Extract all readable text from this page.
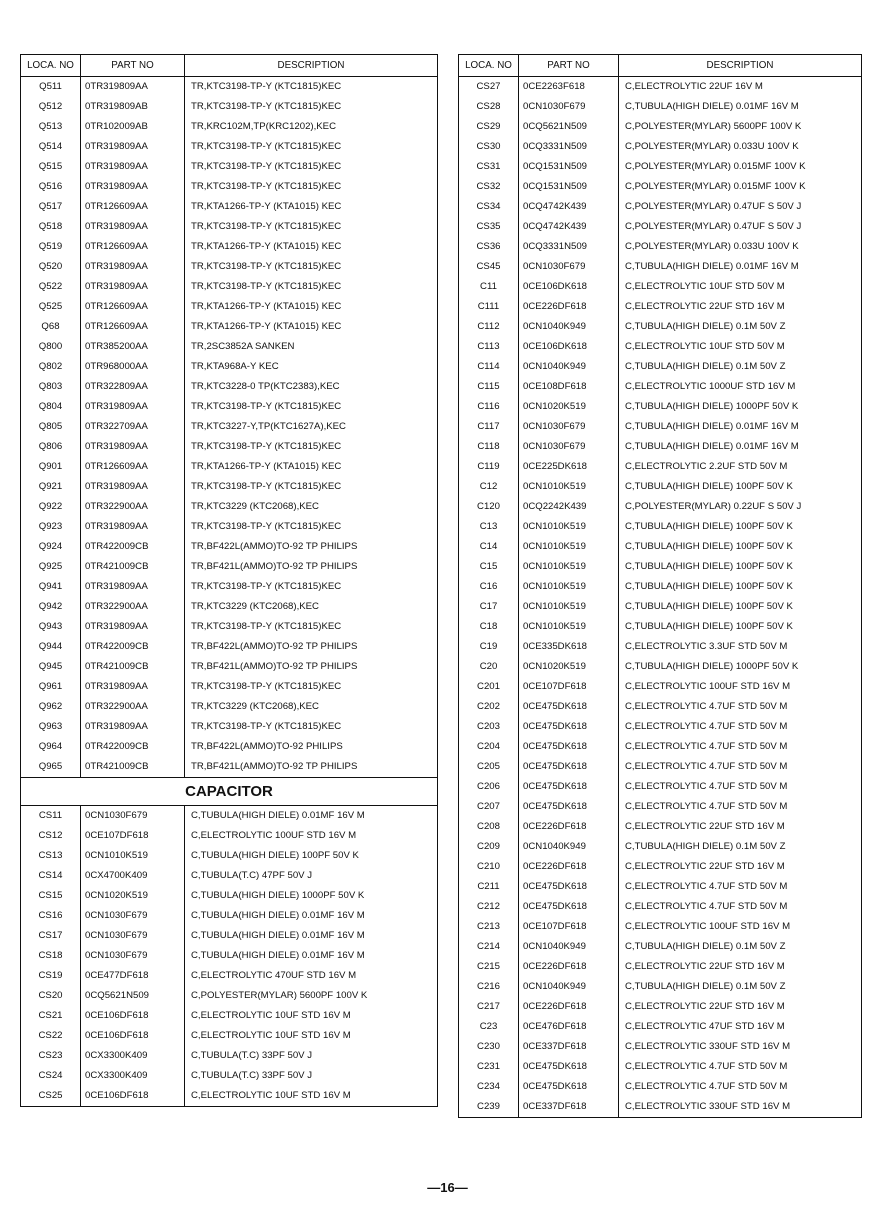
LOCA. NO	PART NO	DESCRIPTION
Q511	0TR319809AA	TR,KTC3198-TP-Y (KTC1815)KEC
Q512	0TR319809AB	TR,KTC3198-TP-Y (KTC1815)KEC
Q513	0TR102009AB	TR,KRC102M,TP(KRC1202),KEC
Q514	0TR319809AA	TR,KTC3198-TP-Y (KTC1815)KEC
Q515	0TR319809AA	TR,KTC3198-TP-Y (KTC1815)KEC
Q516	0TR319809AA	TR,KTC3198-TP-Y (KTC1815)KEC
Q517	0TR126609AA	TR,KTA1266-TP-Y (KTA1015) KEC
Q518	0TR319809AA	TR,KTC3198-TP-Y (KTC1815)KEC
Q519	0TR126609AA	TR,KTA1266-TP-Y (KTA1015) KEC
Q520	0TR319809AA	TR,KTC3198-TP-Y (KTC1815)KEC
Q522	0TR319809AA	TR,KTC3198-TP-Y (KTC1815)KEC
Q525	0TR126609AA	TR,KTA1266-TP-Y (KTA1015) KEC
Q68	0TR126609AA	TR,KTA1266-TP-Y (KTA1015) KEC
Q800	0TR385200AA	TR,2SC3852A SANKEN
Q802	0TR968000AA	TR,KTA968A-Y KEC
Q803	0TR322809AA	TR,KTC3228-0 TP(KTC2383),KEC
Q804	0TR319809AA	TR,KTC3198-TP-Y (KTC1815)KEC
Q805	0TR322709AA	TR,KTC3227-Y,TP(KTC1627A),KEC
Q806	0TR319809AA	TR,KTC3198-TP-Y (KTC1815)KEC
Q901	0TR126609AA	TR,KTA1266-TP-Y (KTA1015) KEC
Q921	0TR319809AA	TR,KTC3198-TP-Y (KTC1815)KEC
Q922	0TR322900AA	TR,KTC3229 (KTC2068),KEC
Q923	0TR319809AA	TR,KTC3198-TP-Y (KTC1815)KEC
Q924	0TR422009CB	TR,BF422L(AMMO)TO-92 TP PHILIPS
Q925	0TR421009CB	TR,BF421L(AMMO)TO-92 TP PHILIPS
Q941	0TR319809AA	TR,KTC3198-TP-Y (KTC1815)KEC
Q942	0TR322900AA	TR,KTC3229 (KTC2068),KEC
Q943	0TR319809AA	TR,KTC3198-TP-Y (KTC1815)KEC
Q944	0TR422009CB	TR,BF422L(AMMO)TO-92 TP PHILIPS
Q945	0TR421009CB	TR,BF421L(AMMO)TO-92 TP PHILIPS
Q961	0TR319809AA	TR,KTC3198-TP-Y (KTC1815)KEC
Q962	0TR322900AA	TR,KTC3229 (KTC2068),KEC
Q963	0TR319809AA	TR,KTC3198-TP-Y (KTC1815)KEC
Q964	0TR422009CB	TR,BF422L(AMMO)TO-92 PHILIPS
Q965	0TR421009CB	TR,BF421L(AMMO)TO-92 TP PHILIPS
CAPACITOR		
CS11	0CN1030F679	C,TUBULA(HIGH DIELE) 0.01MF 16V M
CS12	0CE107DF618	C,ELECTROLYTIC 100UF STD 16V M
CS13	0CN1010K519	C,TUBULA(HIGH DIELE) 100PF 50V K
CS14	0CX4700K409	C,TUBULA(T.C) 47PF 50V J
CS15	0CN1020K519	C,TUBULA(HIGH DIELE) 1000PF 50V K
CS16	0CN1030F679	C,TUBULA(HIGH DIELE) 0.01MF 16V M
CS17	0CN1030F679	C,TUBULA(HIGH DIELE) 0.01MF 16V M
CS18	0CN1030F679	C,TUBULA(HIGH DIELE) 0.01MF 16V M
CS19	0CE477DF618	C,ELECTROLYTIC 470UF STD 16V M
CS20	0CQ5621N509	C,POLYESTER(MYLAR) 5600PF 100V K
CS21	0CE106DF618	C,ELECTROLYTIC 10UF STD 16V M
CS22	0CE106DF618	C,ELECTROLYTIC 10UF STD 16V M
CS23	0CX3300K409	C,TUBULA(T.C) 33PF 50V J
CS24	0CX3300K409	C,TUBULA(T.C) 33PF 50V J
CS25	0CE106DF618	C,ELECTROLYTIC 10UF STD 16V M
LOCA. NO	PART NO	DESCRIPTION
CS27	0CE2263F618	C,ELECTROLYTIC 22UF 16V M
CS28	0CN1030F679	C,TUBULA(HIGH DIELE) 0.01MF 16V M
CS29	0CQ5621N509	C,POLYESTER(MYLAR) 5600PF 100V K
CS30	0CQ3331N509	C,POLYESTER(MYLAR) 0.033U 100V K
CS31	0CQ1531N509	C,POLYESTER(MYLAR) 0.015MF 100V K
CS32	0CQ1531N509	C,POLYESTER(MYLAR) 0.015MF 100V K
CS34	0CQ4742K439	C,POLYESTER(MYLAR) 0.47UF S 50V J
CS35	0CQ4742K439	C,POLYESTER(MYLAR) 0.47UF S 50V J
CS36	0CQ3331N509	C,POLYESTER(MYLAR) 0.033U 100V K
CS45	0CN1030F679	C,TUBULA(HIGH DIELE) 0.01MF 16V M
C11	0CE106DK618	C,ELECTROLYTIC 10UF STD 50V M
C111	0CE226DF618	C,ELECTROLYTIC 22UF STD 16V M
C112	0CN1040K949	C,TUBULA(HIGH DIELE) 0.1M 50V Z
C113	0CE106DK618	C,ELECTROLYTIC 10UF STD 50V M
C114	0CN1040K949	C,TUBULA(HIGH DIELE) 0.1M 50V Z
C115	0CE108DF618	C,ELECTROLYTIC 1000UF STD 16V M
C116	0CN1020K519	C,TUBULA(HIGH DIELE) 1000PF 50V K
C117	0CN1030F679	C,TUBULA(HIGH DIELE) 0.01MF 16V M
C118	0CN1030F679	C,TUBULA(HIGH DIELE) 0.01MF 16V M
C119	0CE225DK618	C,ELECTROLYTIC 2.2UF STD 50V M
C12	0CN1010K519	C,TUBULA(HIGH DIELE) 100PF 50V K
C120	0CQ2242K439	C,POLYESTER(MYLAR) 0.22UF S 50V J
C13	0CN1010K519	C,TUBULA(HIGH DIELE) 100PF 50V K
C14	0CN1010K519	C,TUBULA(HIGH DIELE) 100PF 50V K
C15	0CN1010K519	C,TUBULA(HIGH DIELE) 100PF 50V K
C16	0CN1010K519	C,TUBULA(HIGH DIELE) 100PF 50V K
C17	0CN1010K519	C,TUBULA(HIGH DIELE) 100PF 50V K
C18	0CN1010K519	C,TUBULA(HIGH DIELE) 100PF 50V K
C19	0CE335DK618	C,ELECTROLYTIC 3.3UF STD 50V M
C20	0CN1020K519	C,TUBULA(HIGH DIELE) 1000PF 50V K
C201	0CE107DF618	C,ELECTROLYTIC 100UF STD 16V M
C202	0CE475DK618	C,ELECTROLYTIC 4.7UF STD 50V M
C203	0CE475DK618	C,ELECTROLYTIC 4.7UF STD 50V M
C204	0CE475DK618	C,ELECTROLYTIC 4.7UF STD 50V M
C205	0CE475DK618	C,ELECTROLYTIC 4.7UF STD 50V M
C206	0CE475DK618	C,ELECTROLYTIC 4.7UF STD 50V M
C207	0CE475DK618	C,ELECTROLYTIC 4.7UF STD 50V M
C208	0CE226DF618	C,ELECTROLYTIC 22UF STD 16V M
C209	0CN1040K949	C,TUBULA(HIGH DIELE) 0.1M 50V Z
C210	0CE226DF618	C,ELECTROLYTIC 22UF STD 16V M
C211	0CE475DK618	C,ELECTROLYTIC 4.7UF STD 50V M
C212	0CE475DK618	C,ELECTROLYTIC 4.7UF STD 50V M
C213	0CE107DF618	C,ELECTROLYTIC 100UF STD 16V M
C214	0CN1040K949	C,TUBULA(HIGH DIELE) 0.1M 50V Z
C215	0CE226DF618	C,ELECTROLYTIC 22UF STD 16V M
C216	0CN1040K949	C,TUBULA(HIGH DIELE) 0.1M 50V Z
C217	0CE226DF618	C,ELECTROLYTIC 22UF STD 16V M
C23	0CE476DF618	C,ELECTROLYTIC 47UF STD 16V M
C230	0CE337DF618	C,ELECTROLYTIC 330UF STD 16V M
C231	0CE475DK618	C,ELECTROLYTIC 4.7UF STD 50V M
C234	0CE475DK618	C,ELECTROLYTIC 4.7UF STD 50V M
C239	0CE337DF618	C,ELECTROLYTIC 330UF STD 16V M
—16—
